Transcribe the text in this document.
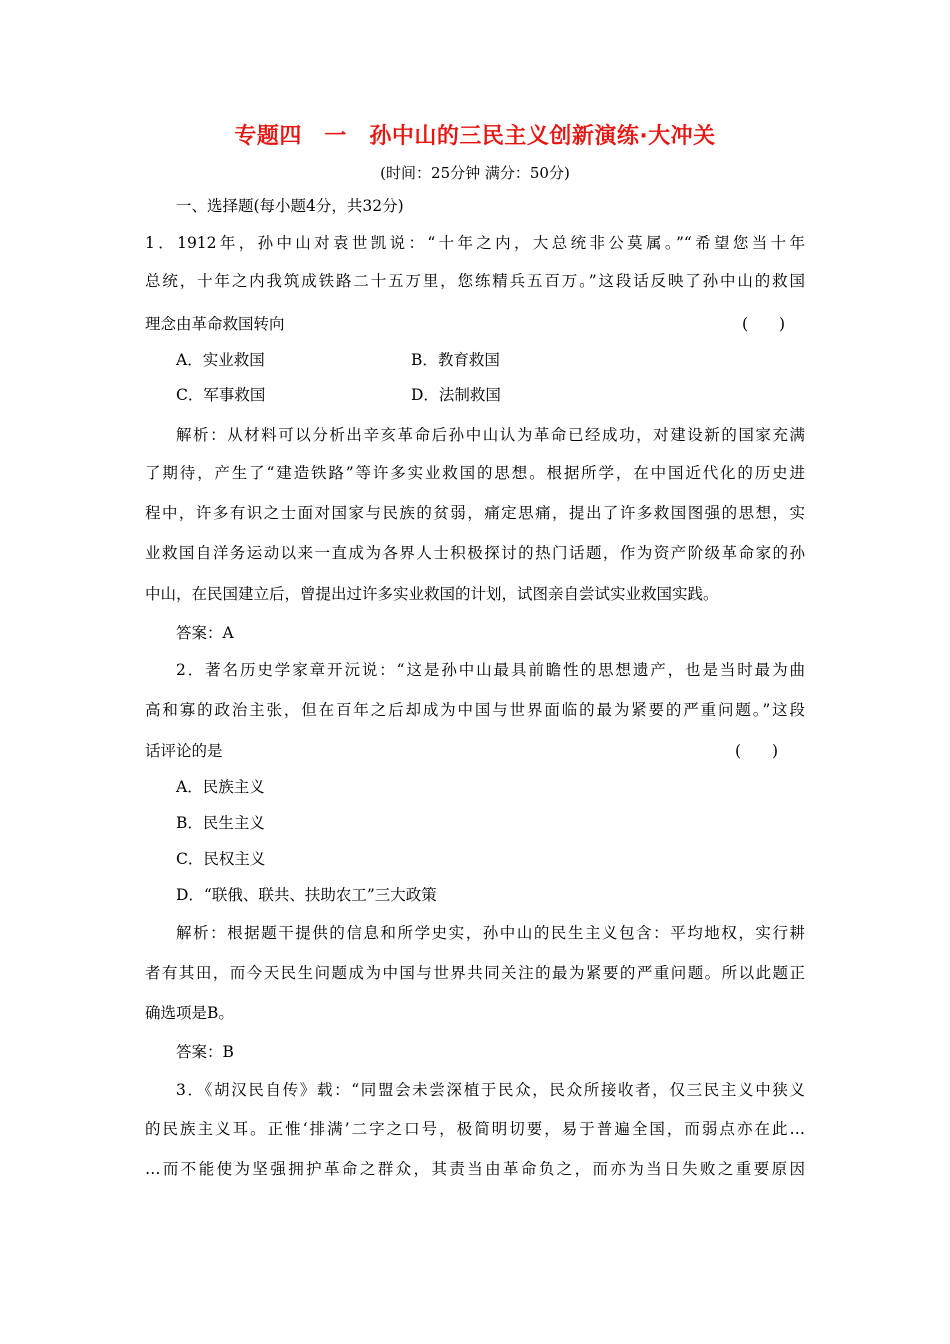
专题四　一　孙中山的三民主义创新演练·大冲关
(时间：25分钟 满分：50分)
一、选择题(每小题4分，共32分)
1．1912年，孙中山对袁世凯说：“十年之内，大总统非公莫属。”“希望您当十年
总统，十年之内我筑成铁路二十五万里，您练精兵五百万。”这段话反映了孙中山的救国
理念由革命救国转向	(　　)
A．实业救国	B．教育救国
C．军事救国	D．法制救国
解析：从材料可以分析出辛亥革命后孙中山认为革命已经成功，对建设新的国家充满
了期待，产生了“建造铁路”等许多实业救国的思想。根据所学，在中国近代化的历史进
程中，许多有识之士面对国家与民族的贫弱，痛定思痛，提出了许多救国图强的思想，实
业救国自洋务运动以来一直成为各界人士积极探讨的热门话题，作为资产阶级革命家的孙
中山，在民国建立后，曾提出过许多实业救国的计划，试图亲自尝试实业救国实践。
答案：A
2．著名历史学家章开沅说：“这是孙中山最具前瞻性的思想遗产，也是当时最为曲
高和寡的政治主张，但在百年之后却成为中国与世界面临的最为紧要的严重问题。”这段
话评论的是	(　　)
A．民族主义
B．民生主义
C．民权主义
D．“联俄、联共、扶助农工”三大政策
解析：根据题干提供的信息和所学史实，孙中山的民生主义包含：平均地权，实行耕
者有其田，而今天民生问题成为中国与世界共同关注的最为紧要的严重问题。所以此题正
确选项是B。
答案：B
3．《胡汉民自传》载：“同盟会未尝深植于民众，民众所接收者，仅三民主义中狭义
的民族主义耳。正惟‘排满’二字之口号，极简明切要，易于普遍全国，而弱点亦在此…
…而不能使为坚强拥护革命之群众，其责当由革命负之，而亦为当日失败之重要原因
